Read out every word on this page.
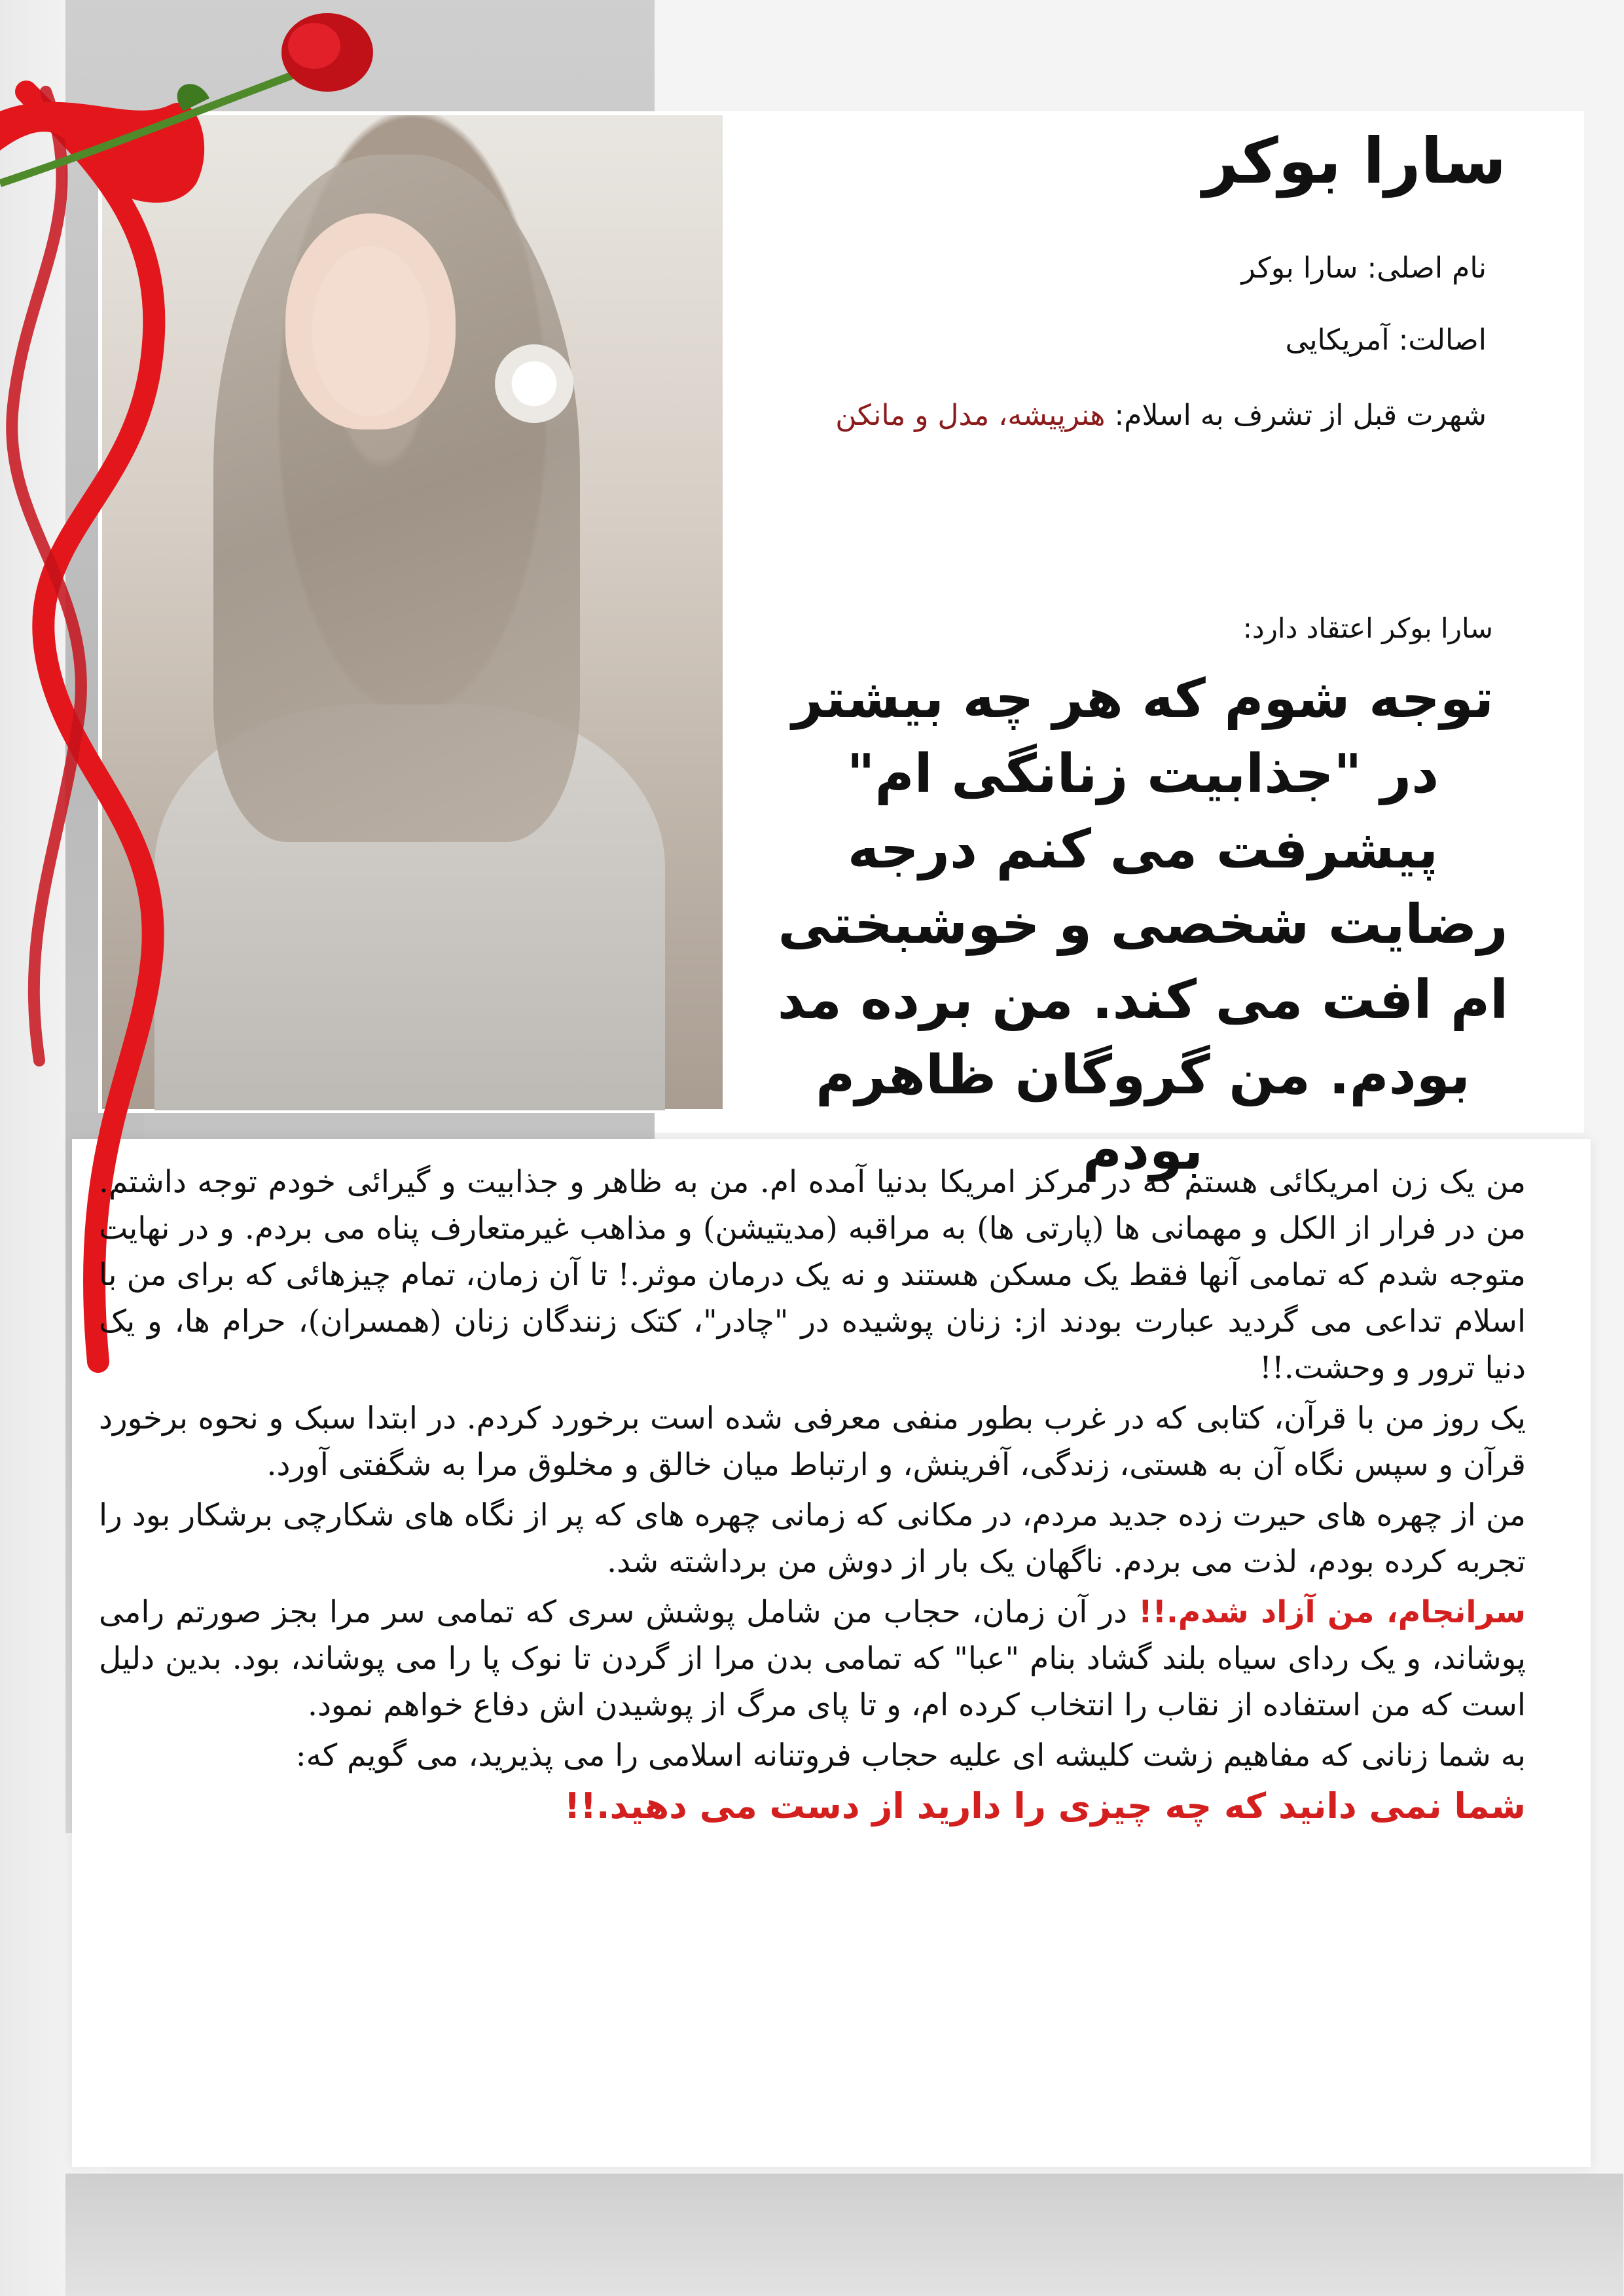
سارا بوکر
نام اصلی: سارا بوکر
اصالت: آمریکایی
شهرت قبل از تشرف به اسلام: هنرپیشه، مدل و مانکن
سارا بوکر اعتقاد دارد:

توجه شوم که هر چه بیشتر در "جذابیت زنانگی ام" پیشرفت می کنم درجه رضایت شخصی و خوشبختی ام افت می کند. من برده مد بودم. من گروگان ظاهرم بودم

من یک زن امریکائی هستم که در مرکز امریکا بدنیا آمده ام. من به ظاهر و جذابیت و گیرائی خودم توجه داشتم. من در فرار از الکل و مهمانی ها (پارتی ها) به مراقبه (مدیتیشن) و مذاهب غیرمتعارف پناه می بردم. و در نهایت متوجه شدم که تمامی آنها فقط یک مسکن هستند و نه یک درمان موثر.! تا آن زمان، تمام چیزهائی که برای من با اسلام تداعی می گردید عبارت بودند از: زنان پوشیده در "چادر"، کتک زنندگان زنان (همسران)، حرام ها، و یک دنیا ترور و وحشت.!!

یک روز من با قرآن، کتابی که در غرب بطور منفی معرفی شده است برخورد کردم. در ابتدا سبک و نحوه برخورد قرآن و سپس نگاه آن به هستی، زندگی، آفرینش، و ارتباط میان خالق و مخلوق مرا به شگفتی آورد.

من از چهره های حیرت زده جدید مردم، در مکانی که زمانی چهره های که پر از نگاه های شکارچی برشکار بود را تجربه کرده بودم، لذت می بردم. ناگهان یک بار از دوش من برداشته شد.

سرانجام، من آزاد شدم.!! در آن زمان، حجاب من شامل پوشش سری که تمامی سر مرا بجز صورتم رامی پوشاند، و یک ردای سیاه بلند گشاد بنام "عبا" که تمامی بدن مرا از گردن تا نوک پا را می پوشاند، بود. بدین دلیل است که من استفاده از نقاب را انتخاب کرده ام، و تا پای مرگ از پوشیدن اش دفاع خواهم نمود.

به شما زنانی که مفاهیم زشت کلیشه ای علیه حجاب فروتنانه اسلامی را می پذیرید، می گویم که:

شما نمی دانید که چه چیزی را دارید از دست می دهید.!!
